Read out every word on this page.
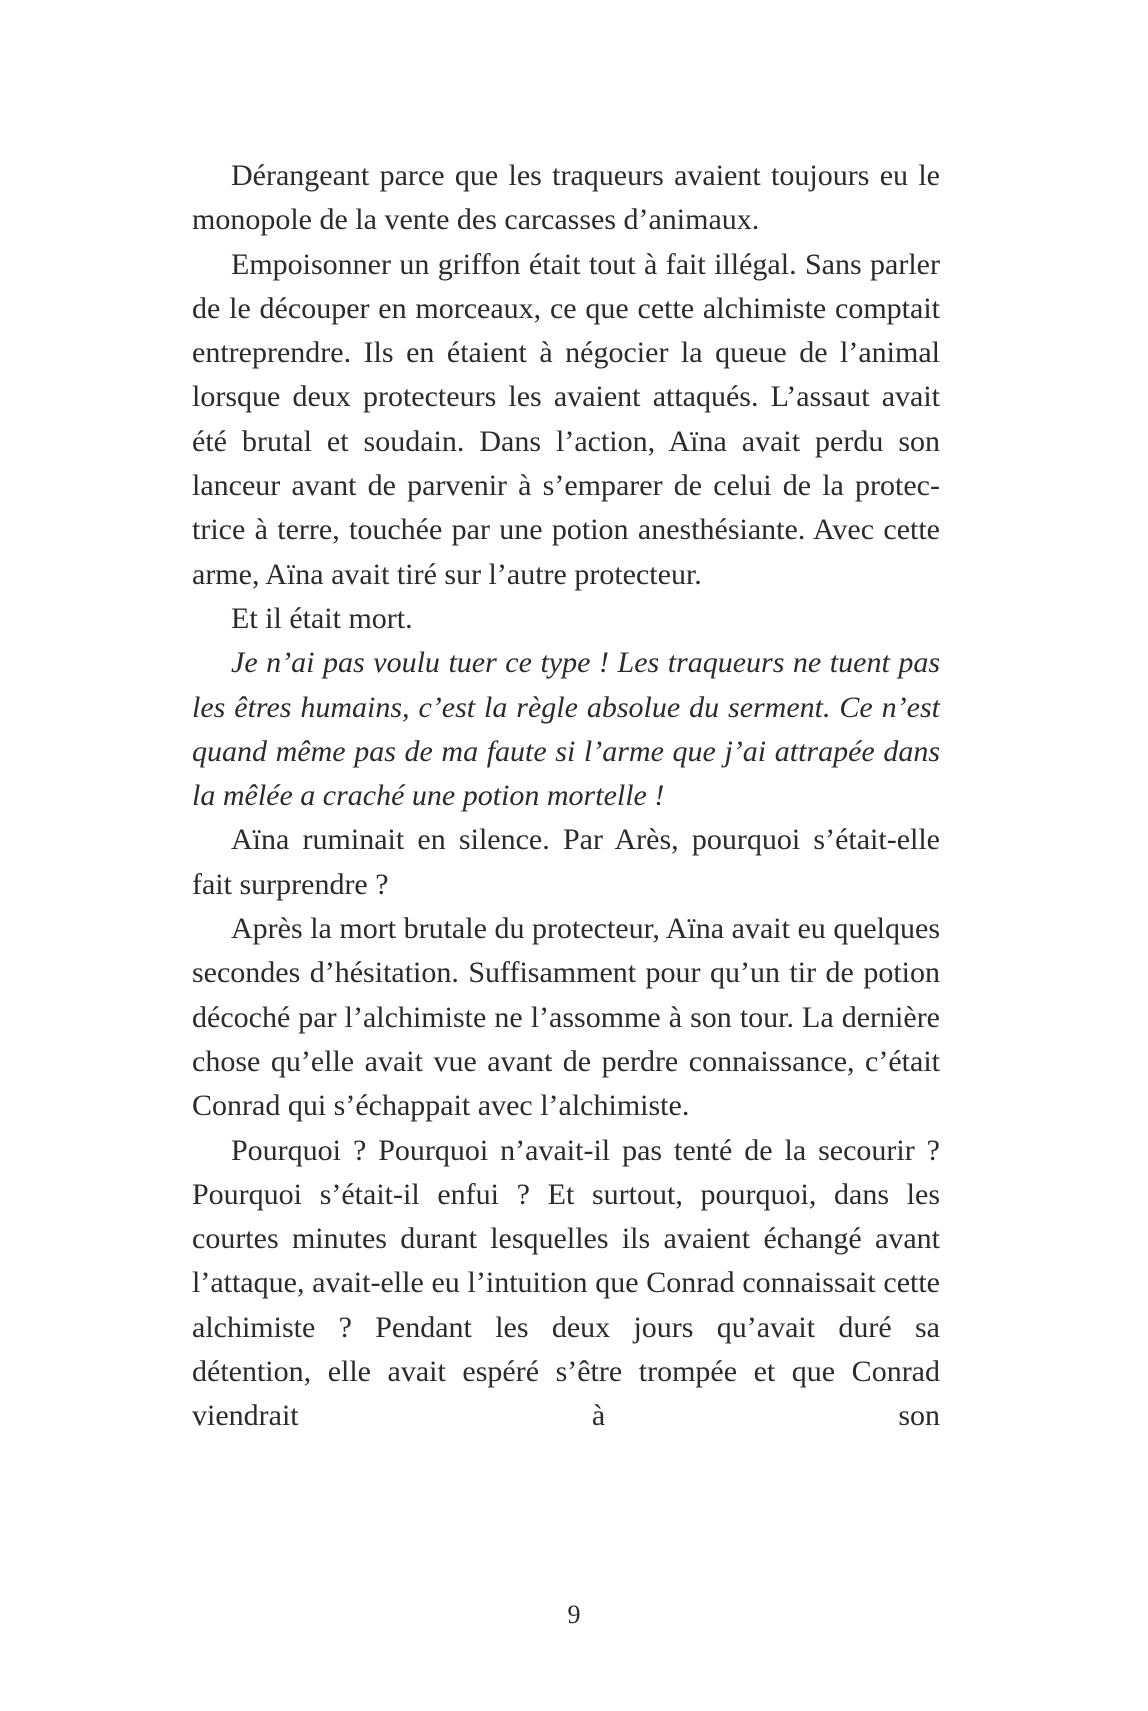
Dérangeant parce que les traqueurs avaient toujours eu le monopole de la vente des carcasses d’animaux.

Empoisonner un griffon était tout à fait illégal. Sans parler de le découper en morceaux, ce que cette alchimiste comptait entreprendre. Ils en étaient à négocier la queue de l’animal lorsque deux protecteurs les avaient attaqués. L’assaut avait été brutal et soudain. Dans l’action, Aïna avait perdu son lanceur avant de parvenir à s’emparer de celui de la protectrice à terre, touchée par une potion anesthésiante. Avec cette arme, Aïna avait tiré sur l’autre protecteur.

Et il était mort.

Je n’ai pas voulu tuer ce type ! Les traqueurs ne tuent pas les êtres humains, c’est la règle absolue du serment. Ce n’est quand même pas de ma faute si l’arme que j’ai attrapée dans la mêlée a craché une potion mortelle !

Aïna ruminait en silence. Par Arès, pourquoi s’était-elle fait surprendre ?

Après la mort brutale du protecteur, Aïna avait eu quelques secondes d’hésitation. Suffisamment pour qu’un tir de potion décoché par l’alchimiste ne l’assomme à son tour. La dernière chose qu’elle avait vue avant de perdre connaissance, c’était Conrad qui s’échappait avec l’alchimiste.

Pourquoi ? Pourquoi n’avait-il pas tenté de la secourir ? Pourquoi s’était-il enfui ? Et surtout, pourquoi, dans les courtes minutes durant lesquelles ils avaient échangé avant l’attaque, avait-elle eu l’intuition que Conrad connaissait cette alchimiste ? Pendant les deux jours qu’avait duré sa détention, elle avait espéré s’être trompée et que Conrad viendrait à son

9
